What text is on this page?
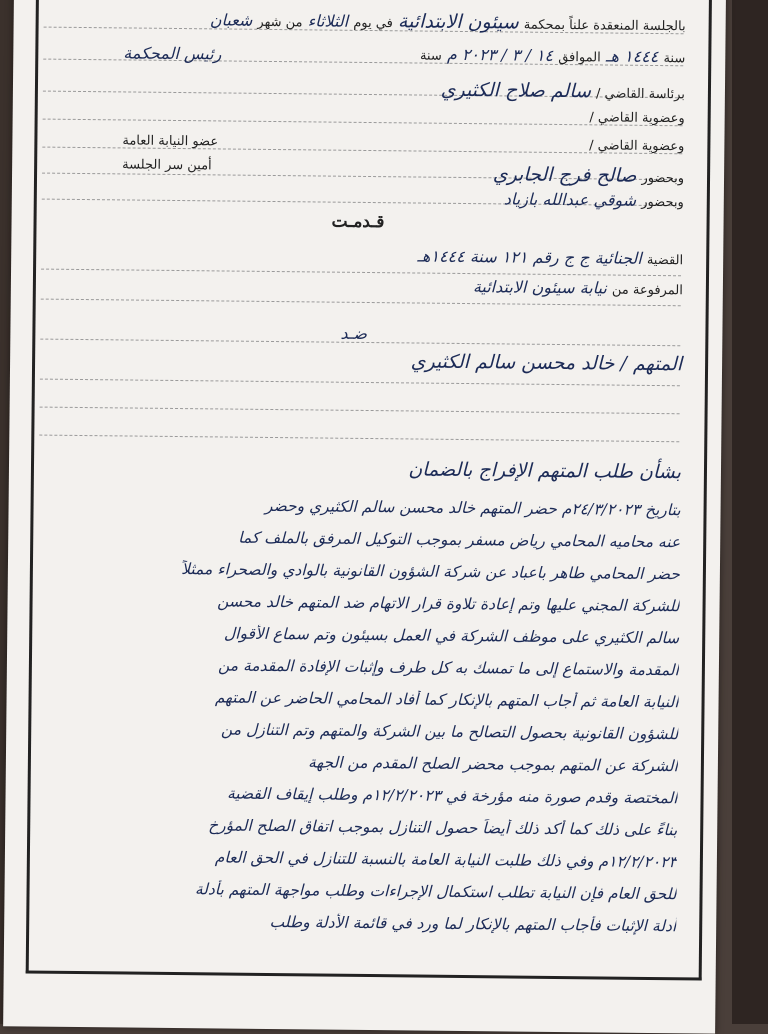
بالجلسة المنعقدة علناً بمحكمة سيئون الابتدائية في يوم الثلاثاء من شهر شعبان
سنة ١٤٤٤ هـ الموافق ١٤ / ٣ / ٢٠٢٣ م سنة
رئيس المحكمة
برئاسة القاضي / سالم صلاح الكثيري
وعضوية القاضي /
وعضوية القاضي /
عضو النيابة العامة
وبحضور صالح فرج الجابري
أمين سر الجلسة
وبحضور شوقي عبدالله بازياد
قـدمـت
القضية الجنائية ج ج رقم ١٢١ سنة ١٤٤٤هـ
المرفوعة من نيابة سيئون الابتدائية
ضـد
المتهم / خالد محسن سالم الكثيري
بشأن طلب المتهم الإفراج بالضمان
بتاريخ ٢٤/٣/٢٠٢٣م حضر المتهم خالد محسن سالم الكثيري وحضر
عنه محاميه المحامي رياض مسفر بموجب التوكيل المرفق بالملف كما
حضر المحامي طاهر باعباد عن شركة الشؤون القانونية بالوادي والصحراء ممثلاً
للشركة المجني عليها وتم إعادة تلاوة قرار الاتهام ضد المتهم خالد محسن
سالم الكثيري على موظف الشركة في العمل بسيئون وتم سماع الأقوال
المقدمة والاستماع إلى ما تمسك به كل طرف وإثبات الإفادة المقدمة من
النيابة العامة ثم أجاب المتهم بالإنكار كما أفاد المحامي الحاضر عن المتهم
للشؤون القانونية بحصول التصالح ما بين الشركة والمتهم وتم التنازل من
الشركة عن المتهم بموجب محضر الصلح المقدم من الجهة
المختصة وقدم صورة منه مؤرخة في ١٢/٢/٢٠٢٣م وطلب إيقاف القضية
بناءً على ذلك كما أكد ذلك أيضاً حصول التنازل بموجب اتفاق الصلح المؤرخ
١٢/٢/٢٠٢٣م وفي ذلك طلبت النيابة العامة بالنسبة للتنازل في الحق العام
للحق العام فإن النيابة تطلب استكمال الإجراءات وطلب مواجهة المتهم بأدلة
أدلة الإثبات فأجاب المتهم بالإنكار لما ورد في قائمة الأدلة وطلب
